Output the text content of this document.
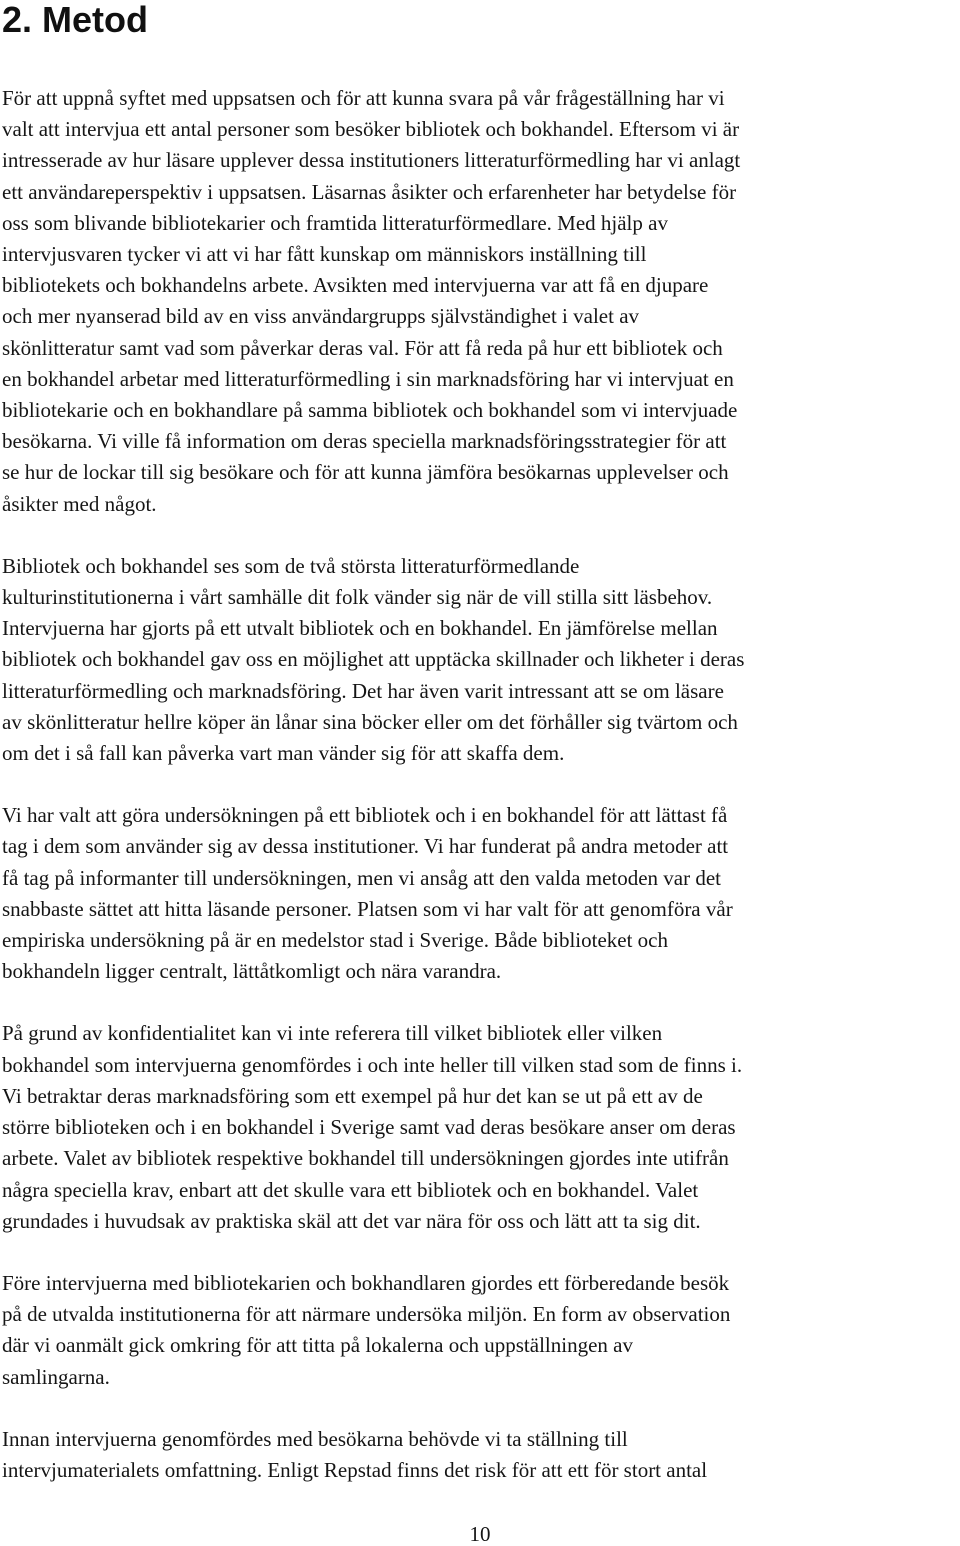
2. Metod

För att uppnå syftet med uppsatsen och för att kunna svara på vår frågeställning har vi
valt att intervjua ett antal personer som besöker bibliotek och bokhandel. Eftersom vi är
intresserade av hur läsare upplever dessa institutioners litteraturförmedling har vi anlagt
ett användareperspektiv i uppsatsen. Läsarnas åsikter och erfarenheter har betydelse för
oss som blivande bibliotekarier och framtida litteraturförmedlare. Med hjälp av
intervjusvaren tycker vi att vi har fått kunskap om människors inställning till
bibliotekets och bokhandelns arbete. Avsikten med intervjuerna var att få en djupare
och mer nyanserad bild av en viss användargrupps självständighet i valet av
skönlitteratur samt vad som påverkar deras val. För att få reda på hur ett bibliotek och
en bokhandel arbetar med litteraturförmedling i sin marknadsföring har vi intervjuat en
bibliotekarie och en bokhandlare på samma bibliotek och bokhandel som vi intervjuade
besökarna. Vi ville få information om deras speciella marknadsföringsstrategier för att
se hur de lockar till sig besökare och för att kunna jämföra besökarnas upplevelser och
åsikter med något.

Bibliotek och bokhandel ses som de två största litteraturförmedlande
kulturinstitutionerna i vårt samhälle dit folk vänder sig när de vill stilla sitt läsbehov.
Intervjuerna har gjorts på ett utvalt bibliotek och en bokhandel. En jämförelse mellan
bibliotek och bokhandel gav oss en möjlighet att upptäcka skillnader och likheter i deras
litteraturförmedling och marknadsföring. Det har även varit intressant att se om läsare
av skönlitteratur hellre köper än lånar sina böcker eller om det förhåller sig tvärtom och
om det i så fall kan påverka vart man vänder sig för att skaffa dem.

Vi har valt att göra undersökningen på ett bibliotek och i en bokhandel för att lättast få
tag i dem som använder sig av dessa institutioner. Vi har funderat på andra metoder att
få tag på informanter till undersökningen, men vi ansåg att den valda metoden var det
snabbaste sättet att hitta läsande personer. Platsen som vi har valt för att genomföra vår
empiriska undersökning på är en medelstor stad i Sverige. Både biblioteket och
bokhandeln ligger centralt, lättåtkomligt och nära varandra.

På grund av konfidentialitet kan vi inte referera till vilket bibliotek eller vilken
bokhandel som intervjuerna genomfördes i och inte heller till vilken stad som de finns i.
Vi betraktar deras marknadsföring som ett exempel på hur det kan se ut på ett av de
större biblioteken och i en bokhandel i Sverige samt vad deras besökare anser om deras
arbete. Valet av bibliotek respektive bokhandel till undersökningen gjordes inte utifrån
några speciella krav, enbart att det skulle vara ett bibliotek och en bokhandel. Valet
grundades i huvudsak av praktiska skäl att det var nära för oss och lätt att ta sig dit.

Före intervjuerna med bibliotekarien och bokhandlaren gjordes ett förberedande besök
på de utvalda institutionerna för att närmare undersöka miljön. En form av observation
där vi oanmält gick omkring för att titta på lokalerna och uppställningen av
samlingarna.

Innan intervjuerna genomfördes med besökarna behövde vi ta ställning till
intervjumaterialets omfattning. Enligt Repstad finns det risk för att ett för stort antal

10
